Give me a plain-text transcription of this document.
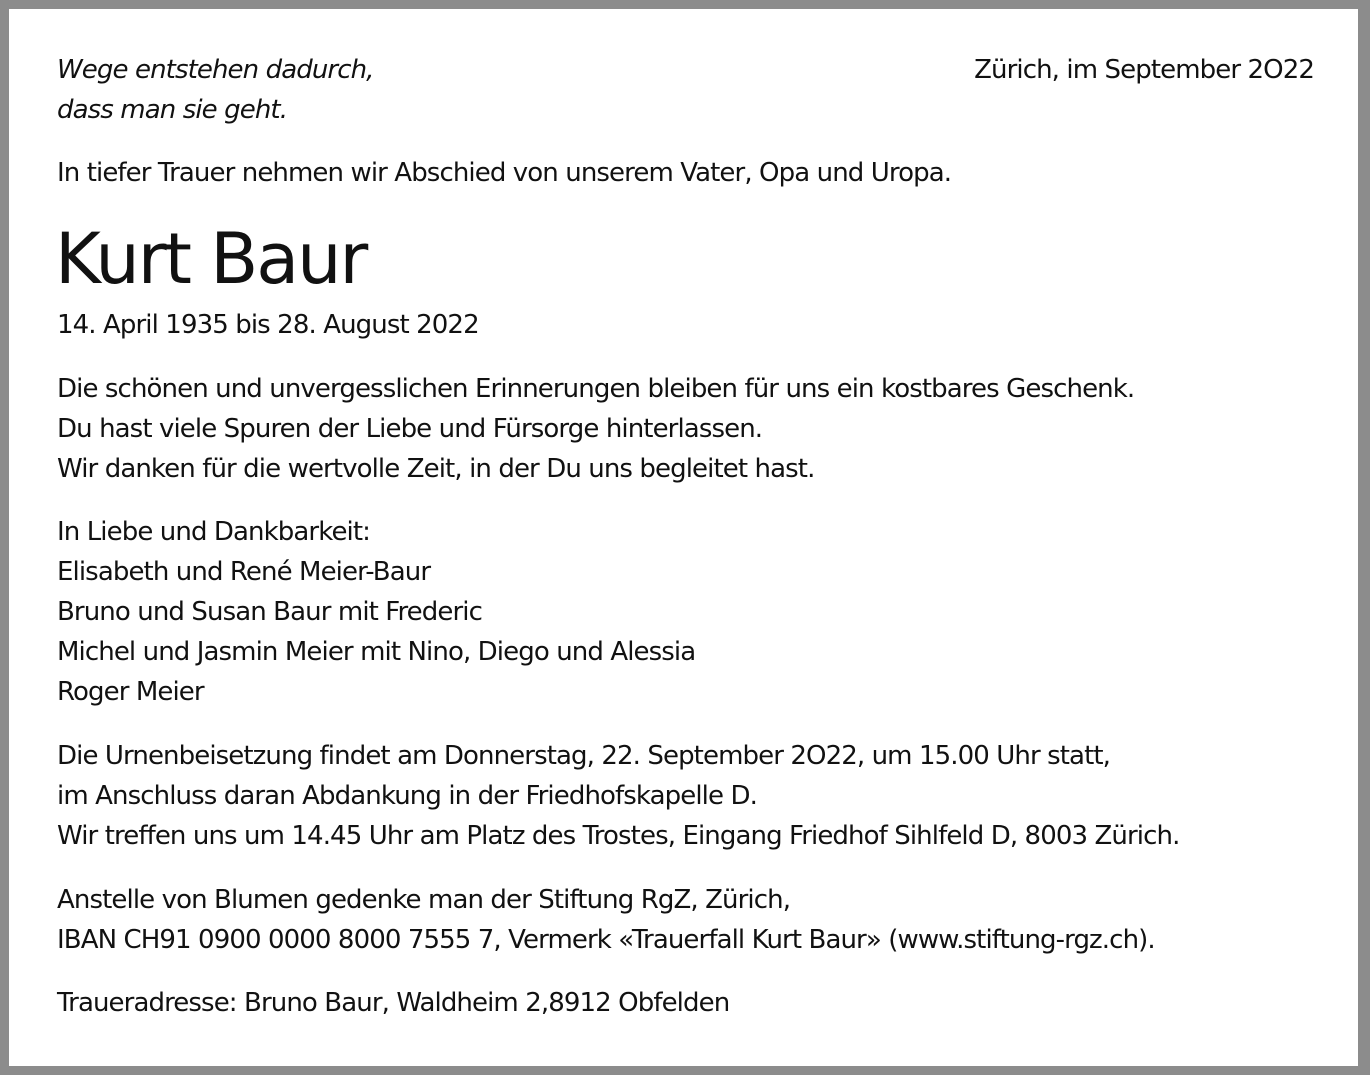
Wege entstehen dadurch,
dass man sie geht.
Zürich, im September 2O22
In tiefer Trauer nehmen wir Abschied von unserem Vater, Opa und Uropa.
Kurt Baur
14. April 1935 bis 28. August 2022
Die schönen und unvergesslichen Erinnerungen bleiben für uns ein kostbares Geschenk.
Du hast viele Spuren der Liebe und Fürsorge hinterlassen.
Wir danken für die wertvolle Zeit, in der Du uns begleitet hast.
In Liebe und Dankbarkeit:
Elisabeth und René Meier-Baur
Bruno und Susan Baur mit Frederic
Michel und Jasmin Meier mit Nino, Diego und Alessia
Roger Meier
Die Urnenbeisetzung findet am Donnerstag, 22. September 2O22, um 15.00 Uhr statt,
im Anschluss daran Abdankung in der Friedhofskapelle D.
Wir treffen uns um 14.45 Uhr am Platz des Trostes, Eingang Friedhof Sihlfeld D, 8003 Zürich.
Anstelle von Blumen gedenke man der Stiftung RgZ, Zürich,
IBAN CH91 0900 0000 8000 7555 7, Vermerk «Trauerfall Kurt Baur» (www.stiftung-rgz.ch).
Traueradresse: Bruno Baur, Waldheim 2,8912 Obfelden
